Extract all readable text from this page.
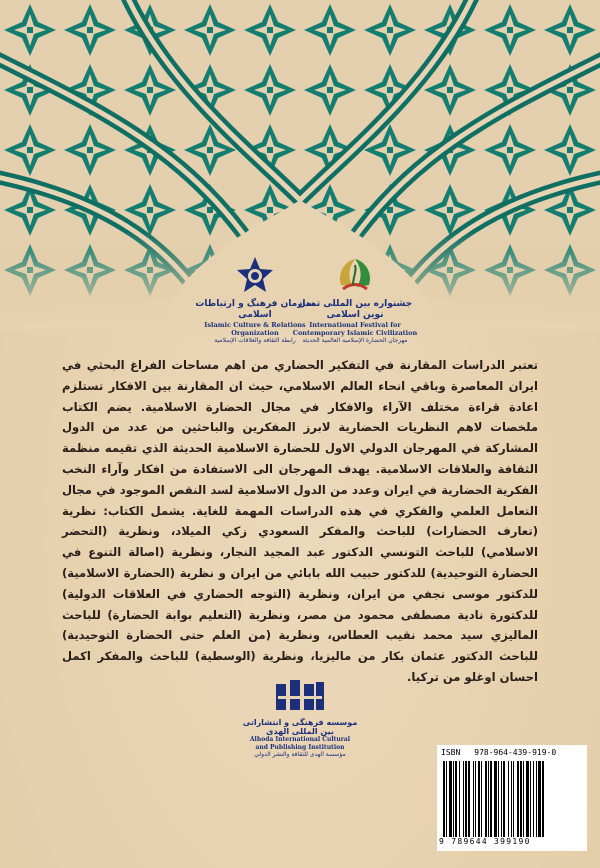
سازمان فرهنگ و ارتباطات اسلامی
Islamic Culture & Relations
Organization
رابطة الثقافة والعلاقات الإسلامية
جشنواره بین المللی تمدن نوین اسلامی
International Festival for
Contemporary Islamic Civilization
مهرجان الحضارة الإسلامية العالمية الحديثة
تعتبر الدراسات المقارنة في التفكير الحضاري من اهم مساحات الفراغ البحثي في ايران المعاصرة وباقي انحاء العالم الاسلامي، حيث ان المقارنة بين الافكار تستلزم اعادة قراءة مختلف الآراء والافكار في مجال الحضارة الاسلامية. يضم الكتاب ملخصات لاهم النظريات الحضارية لابرز المفكرين والباحثين من عدد من الدول المشاركة في المهرجان الدولي الاول للحضارة الاسلامية الحديثة الذي تقيمه منظمة الثقافة والعلاقات الاسلامية. يهدف المهرجان الى الاستفادة من افكار وآراء النخب الفكرية الحضارية في ايران وعدد من الدول الاسلامية لسد النقص الموجود في مجال التعامل العلمي والفكري في هذه الدراسات المهمة للغاية. يشمل الكتاب: نظرية (تعارف الحضارات) للباحث والمفكر السعودي زكي الميلاد، ونظرية (التحضر الاسلامي) للباحث التونسي الدكتور عبد المجيد النجار، ونظرية (اصالة التنوع في الحضارة التوحيدية) للدكتور حبيب الله بابائي من ايران و نظرية (الحضارة الاسلامية) للدكتور موسى نجفي من ايران، ونظرية (التوجه الحضاري في العلاقات الدولية) للدكتورة نادية مصطفى محمود من مصر، ونظرية (التعليم بوابة الحضارة) للباحث الماليزي سيد محمد نقيب العطاس، ونظرية (من العلم حتى الحضارة التوحيدية) للباحث الدكتور عثمان بكار من ماليزيا، ونظرية (الوسطية) للباحث والمفكر اكمل احسان اوغلو من تركيا.
موسسه فرهنگی و انتشاراتی بین المللی الهدی
Alhoda International Cultural
and Publishing Institution
مؤسسة الهدى للثقافة والنشر الدولي	ISBN 978-964-439-919-0
9 789644 399190
